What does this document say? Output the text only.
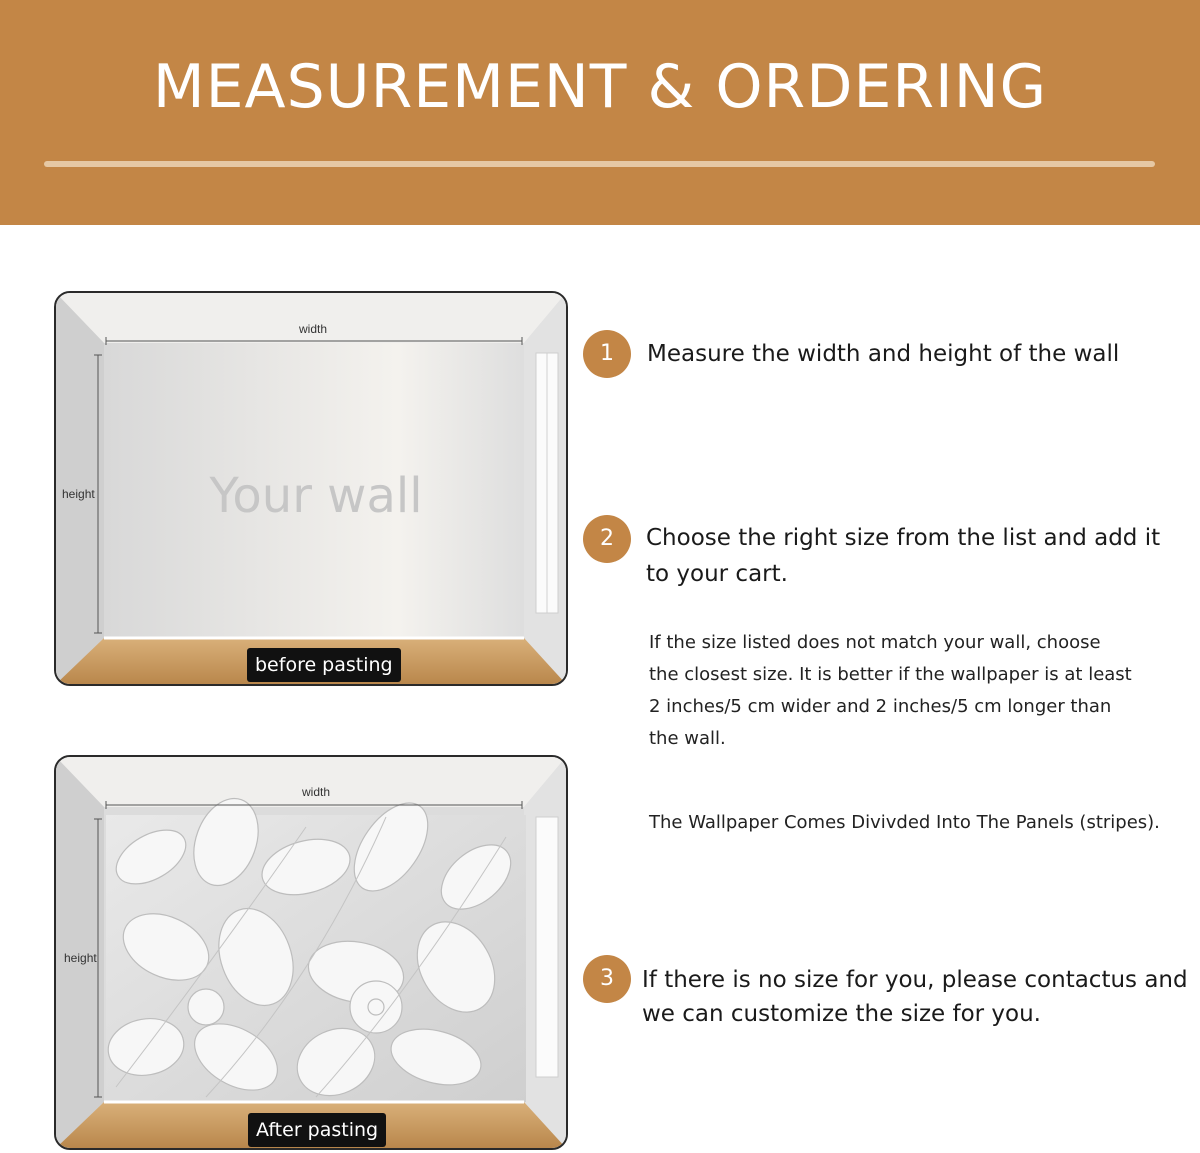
MEASUREMENT & ORDERING
width
height	Your wall
before pasting
width
height
After pasting
1	Measure the width and height of the wall
2	Choose the right size from the list and add it
to your cart.
If the size listed does not match your wall, choose
the closest size. It is better if the wallpaper is at least
2 inches/5 cm wider and 2 inches/5 cm longer than
the wall.
The Wallpaper Comes Divivded Into The Panels (stripes).
3	If there is no size for you, please contactus and
we can customize the size for you.
